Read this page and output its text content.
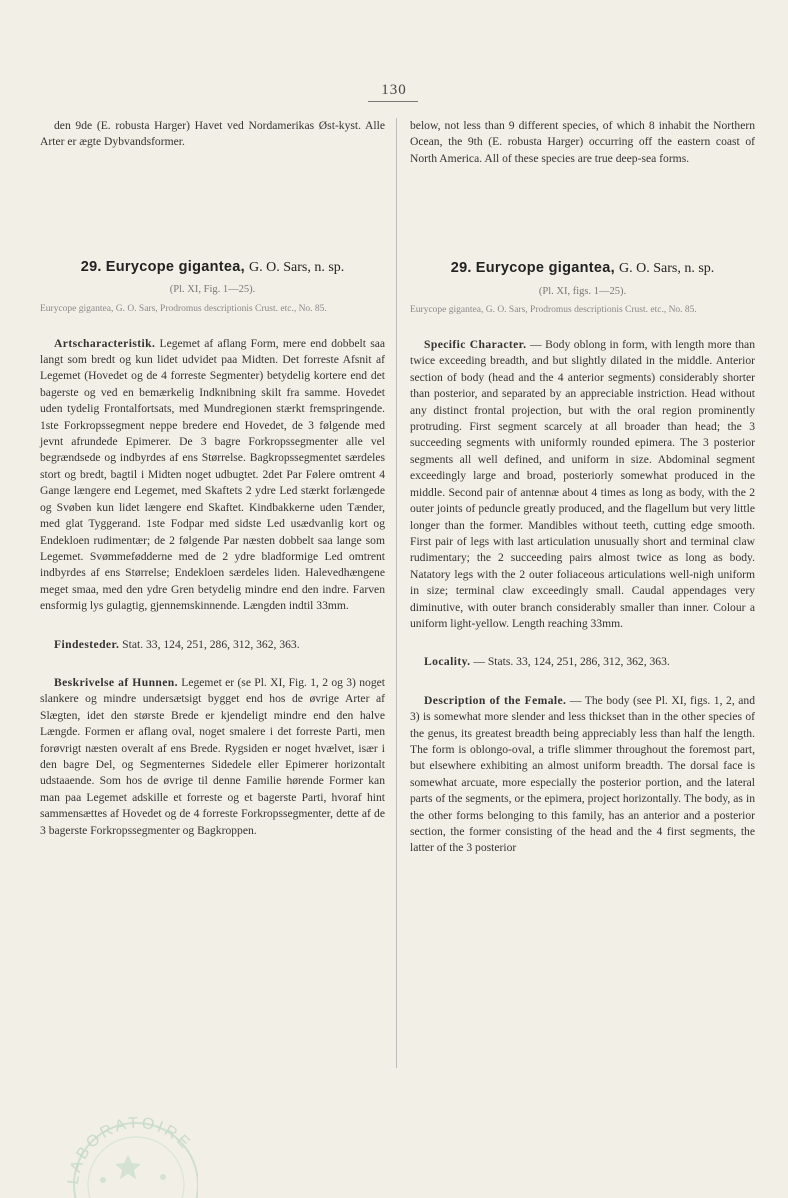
130

den 9de (E. robusta Harger) Havet ved Nordamerikas Øst-kyst. Alle Arter er ægte Dybvandsformer.

29. Eurycope gigantea, G. O. Sars, n. sp.

(Pl. XI, Fig. 1—25).

Eurycope gigantea, G. O. Sars, Prodromus descriptionis Crust. etc., No. 85.

Artscharacteristik. Legemet af aflang Form, mere end dobbelt saa langt som bredt og kun lidet udvidet paa Midten. Det forreste Afsnit af Legemet (Hovedet og de 4 forreste Segmenter) betydelig kortere end det bagerste og ved en bemærkelig Indknibning skilt fra samme. Hovedet uden tydelig Frontalfortsats, med Mundregionen stærkt fremspringende. 1ste Forkropssegment neppe bredere end Hovedet, de 3 følgende med jevnt afrundede Epimerer. De 3 bagre Forkropssegmenter alle vel begrændsede og indbyrdes af ens Størrelse. Bagkropssegmentet særdeles stort og bredt, bagtil i Midten noget udbugtet. 2det Par Følere omtrent 4 Gange længere end Legemet, med Skaftets 2 ydre Led stærkt forlængede og Svøben kun lidet længere end Skaftet. Kindbakkerne uden Tænder, med glat Tyggerand. 1ste Fodpar med sidste Led usædvanlig kort og Endekloen rudimentær; de 2 følgende Par næsten dobbelt saa lange som Legemet. Svømmefødderne med de 2 ydre bladformige Led omtrent indbyrdes af ens Størrelse; Endekloen særdeles liden. Halevedhængene meget smaa, med den ydre Gren betydelig mindre end den indre. Farven ensformig lys gulagtig, gjennemskinnende. Længden indtil 33mm.

Findesteder. Stat. 33, 124, 251, 286, 312, 362, 363.

Beskrivelse af Hunnen. Legemet er (se Pl. XI, Fig. 1, 2 og 3) noget slankere og mindre undersætsigt bygget end hos de øvrige Arter af Slægten, idet den største Brede er kjendeligt mindre end den halve Længde. Formen er aflang oval, noget smalere i det forreste Parti, men forøvrigt næsten overalt af ens Brede. Rygsiden er noget hvælvet, især i den bagre Del, og Segmenternes Sidedele eller Epimerer horizontalt udstaaende. Som hos de øvrige til denne Familie hørende Former kan man paa Legemet adskille et forreste og et bagerste Parti, hvoraf hint sammensættes af Hovedet og de 4 forreste Forkropssegmenter, dette af de 3 bagerste Forkropssegmenter og Bagkroppen.

below, not less than 9 different species, of which 8 inhabit the Northern Ocean, the 9th (E. robusta Harger) occurring off the eastern coast of North America. All of these species are true deep-sea forms.

29. Eurycope gigantea, G. O. Sars, n. sp.

(Pl. XI, figs. 1—25).

Eurycope gigantea, G. O. Sars, Prodromus descriptionis Crust. etc., No. 85.

Specific Character. — Body oblong in form, with length more than twice exceeding breadth, and but slightly dilated in the middle. Anterior section of body (head and the 4 anterior segments) considerably shorter than posterior, and separated by an appreciable instriction. Head without any distinct frontal projection, but with the oral region prominently protruding. First segment scarcely at all broader than head; the 3 succeeding segments with uniformly rounded epimera. The 3 posterior segments all well defined, and uniform in size. Abdominal segment exceedingly large and broad, posteriorly somewhat produced in the middle. Second pair of antennæ about 4 times as long as body, with the 2 outer joints of peduncle greatly produced, and the flagellum but very little longer than the former. Mandibles without teeth, cutting edge smooth. First pair of legs with last articulation unusually short and terminal claw rudimentary; the 2 succeeding pairs almost twice as long as body. Natatory legs with the 2 outer foliaceous articulations well-nigh uniform in size; terminal claw exceedingly small. Caudal appendages very diminutive, with outer branch considerably smaller than inner. Colour a uniform light-yellow. Length reaching 33mm.

Locality. — Stats. 33, 124, 251, 286, 312, 362, 363.

Description of the Female. — The body (see Pl. XI, figs. 1, 2, and 3) is somewhat more slender and less thickset than in the other species of the genus, its greatest breadth being appreciably less than half the length. The form is oblongo-oval, a trifle slimmer throughout the foremost part, but elsewhere exhibiting an almost uniform breadth. The dorsal face is somewhat arcuate, more especially the posterior portion, and the lateral parts of the segments, or the epimera, project horizontally. The body, as in the other forms belonging to this family, has an anterior and a posterior section, the former consisting of the head and the 4 first segments, the latter of the 3 posterior

LABORATOIRE
